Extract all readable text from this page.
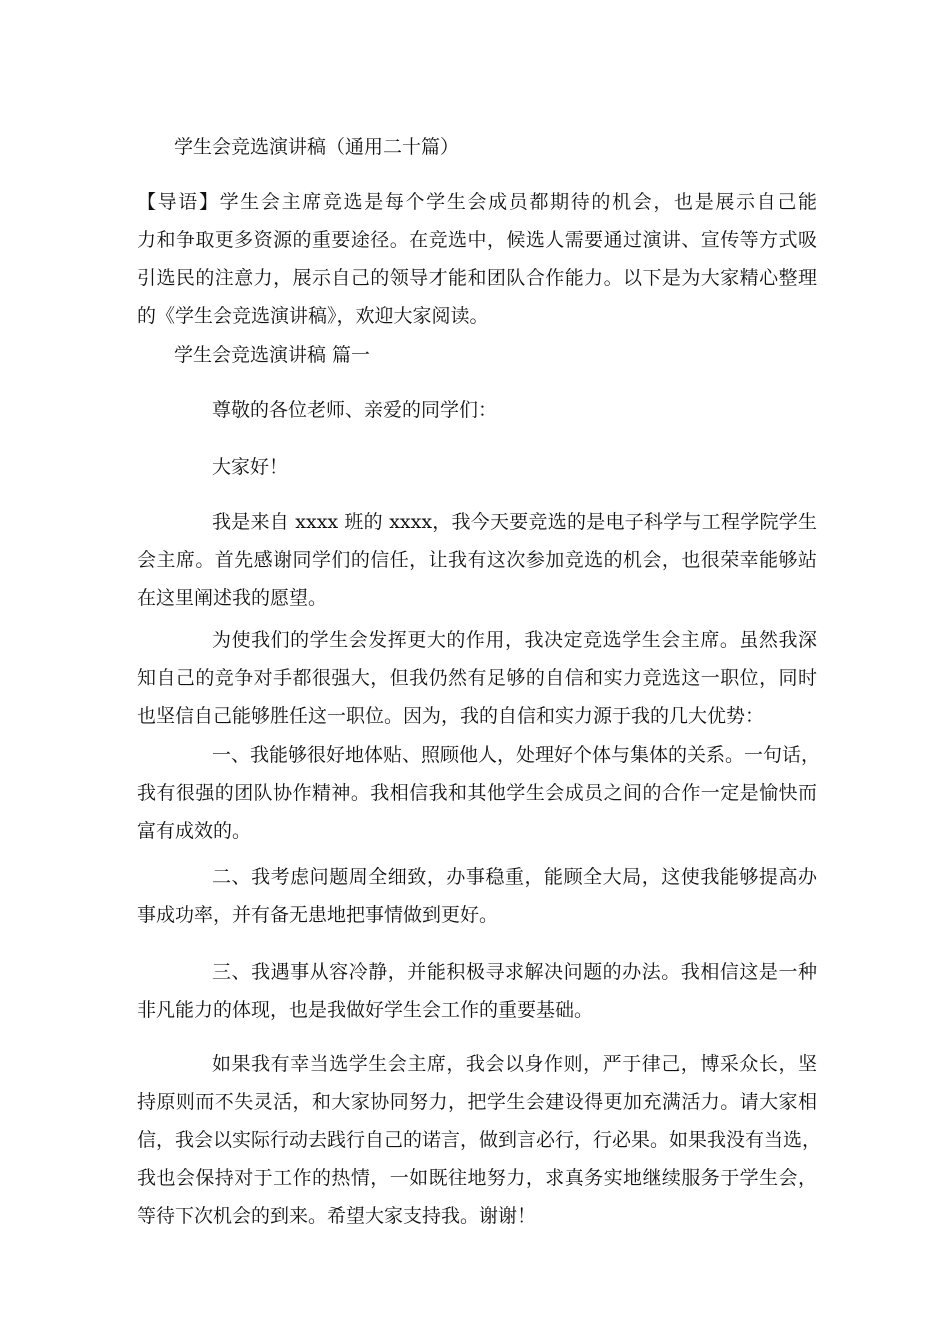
学生会竞选演讲稿（通用二十篇）
【导语】学生会主席竞选是每个学生会成员都期待的机会，也是展示自己能
力和争取更多资源的重要途径。在竞选中，候选人需要通过演讲、宣传等方式吸
引选民的注意力，展示自己的领导才能和团队合作能力。以下是为大家精心整理
的《学生会竞选演讲稿》，欢迎大家阅读。
学生会竞选演讲稿 篇一
尊敬的各位老师、亲爱的同学们：
大家好！
我是来自 xxxx 班的 xxxx，我今天要竞选的是电子科学与工程学院学生
会主席。首先感谢同学们的信任，让我有这次参加竞选的机会，也很荣幸能够站
在这里阐述我的愿望。
为使我们的学生会发挥更大的作用，我决定竞选学生会主席。虽然我深
知自己的竞争对手都很强大，但我仍然有足够的自信和实力竞选这一职位，同时
也坚信自己能够胜任这一职位。因为，我的自信和实力源于我的几大优势：
一、我能够很好地体贴、照顾他人，处理好个体与集体的关系。一句话，
我有很强的团队协作精神。我相信我和其他学生会成员之间的合作一定是愉快而
富有成效的。
二、我考虑问题周全细致，办事稳重，能顾全大局，这使我能够提高办
事成功率，并有备无患地把事情做到更好。
三、我遇事从容冷静，并能积极寻求解决问题的办法。我相信这是一种
非凡能力的体现，也是我做好学生会工作的重要基础。
如果我有幸当选学生会主席，我会以身作则，严于律己，博采众长，坚
持原则而不失灵活，和大家协同努力，把学生会建设得更加充满活力。请大家相
信，我会以实际行动去践行自己的诺言，做到言必行，行必果。如果我没有当选，
我也会保持对于工作的热情，一如既往地努力，求真务实地继续服务于学生会，
等待下次机会的到来。希望大家支持我。谢谢！
